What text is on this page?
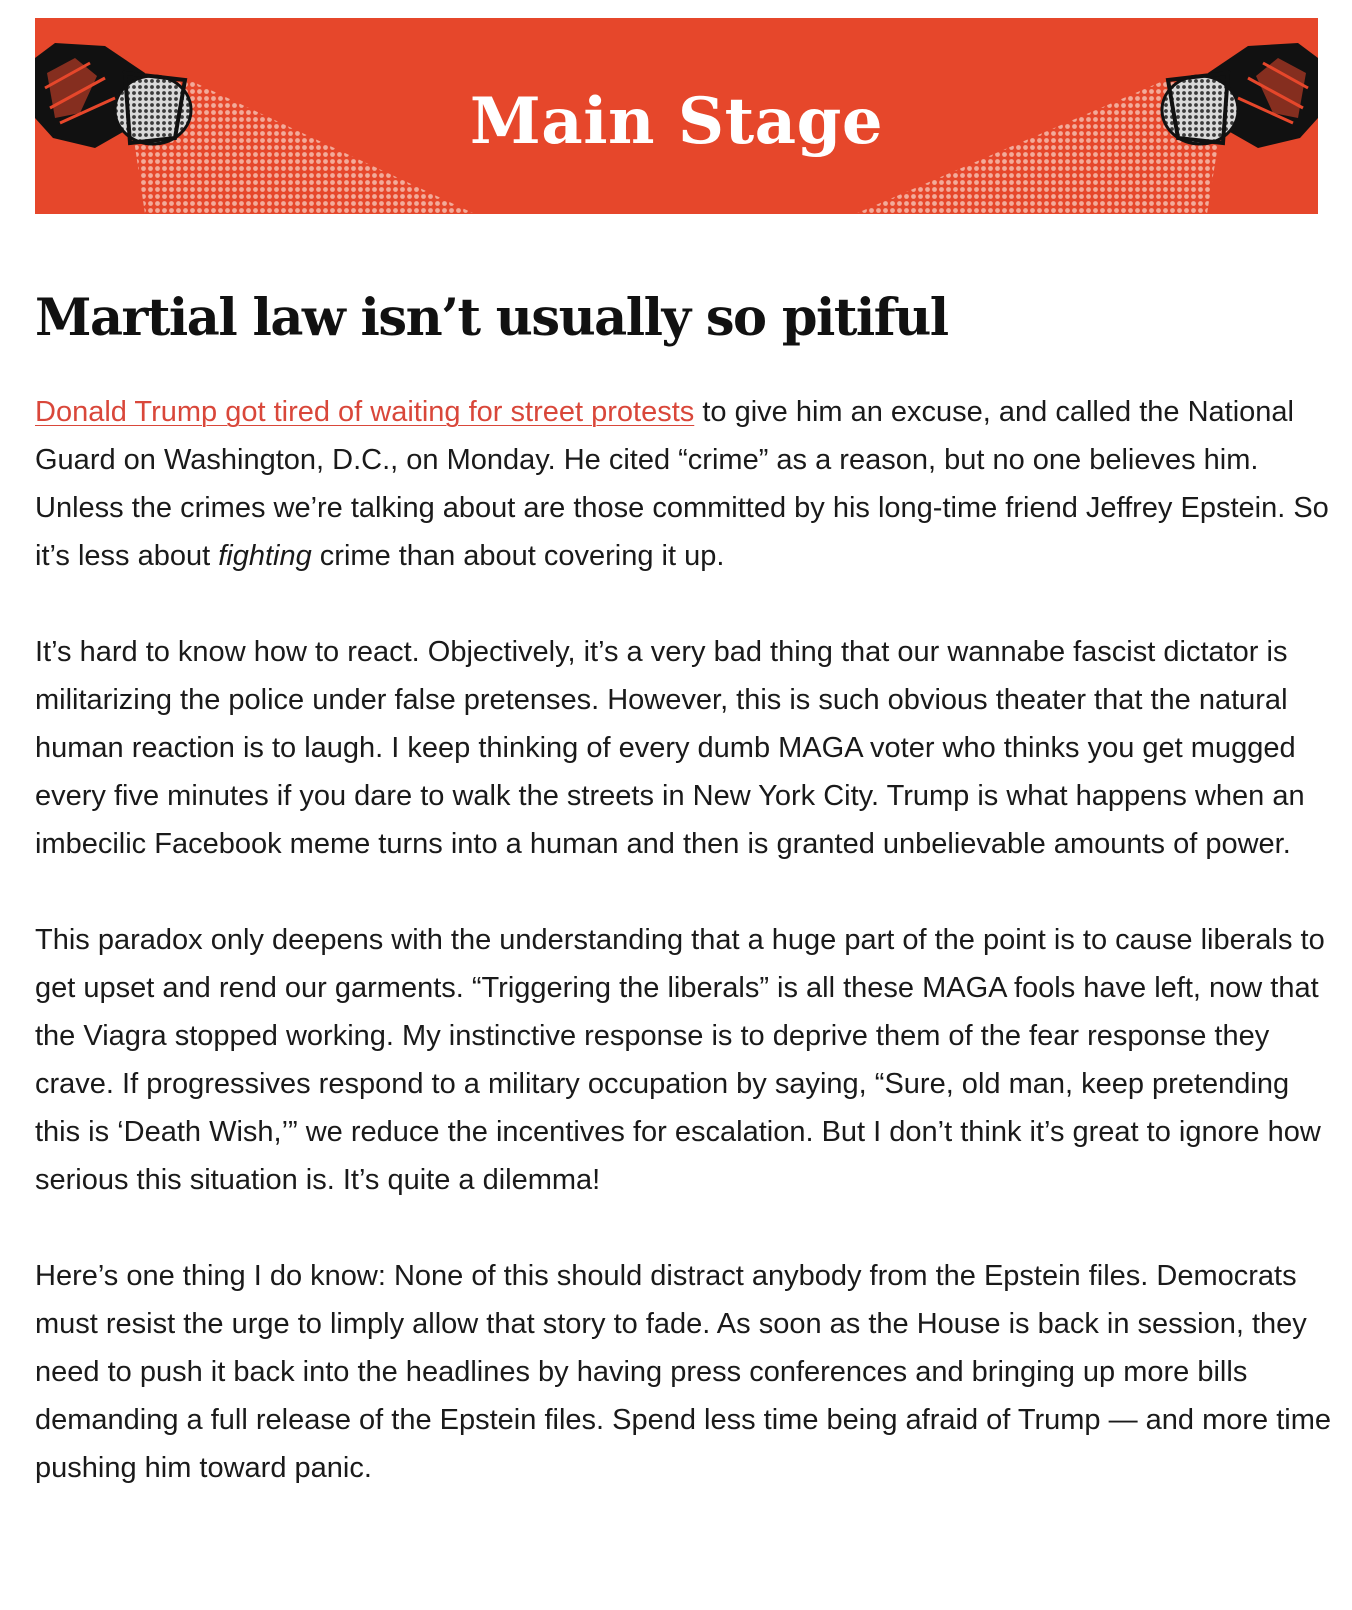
Main Stage
Martial law isn’t usually so pitiful

Donald Trump got tired of waiting for street protests to give him an excuse, and called the National Guard on Washington, D.C., on Monday. He cited “crime” as a reason, but no one believes him. Unless the crimes we’re talking about are those committed by his long-time friend Jeffrey Epstein. So it’s less about fighting crime than about covering it up.

It’s hard to know how to react. Objectively, it’s a very bad thing that our wannabe fascist dictator is militarizing the police under false pretenses. However, this is such obvious theater that the natural human reaction is to laugh. I keep thinking of every dumb MAGA voter who thinks you get mugged every five minutes if you dare to walk the streets in New York City. Trump is what happens when an imbecilic Facebook meme turns into a human and then is granted unbelievable amounts of power.

This paradox only deepens with the understanding that a huge part of the point is to cause liberals to get upset and rend our garments. “Triggering the liberals” is all these MAGA fools have left, now that the Viagra stopped working. My instinctive response is to deprive them of the fear response they crave. If progressives respond to a military occupation by saying, “Sure, old man, keep pretending this is ‘Death Wish,’” we reduce the incentives for escalation. But I don’t think it’s great to ignore how serious this situation is. It’s quite a dilemma!

Here’s one thing I do know: None of this should distract anybody from the Epstein files. Democrats must resist the urge to limply allow that story to fade. As soon as the House is back in session, they need to push it back into the headlines by having press conferences and bringing up more bills demanding a full release of the Epstein files. Spend less time being afraid of Trump — and more time pushing him toward panic.
